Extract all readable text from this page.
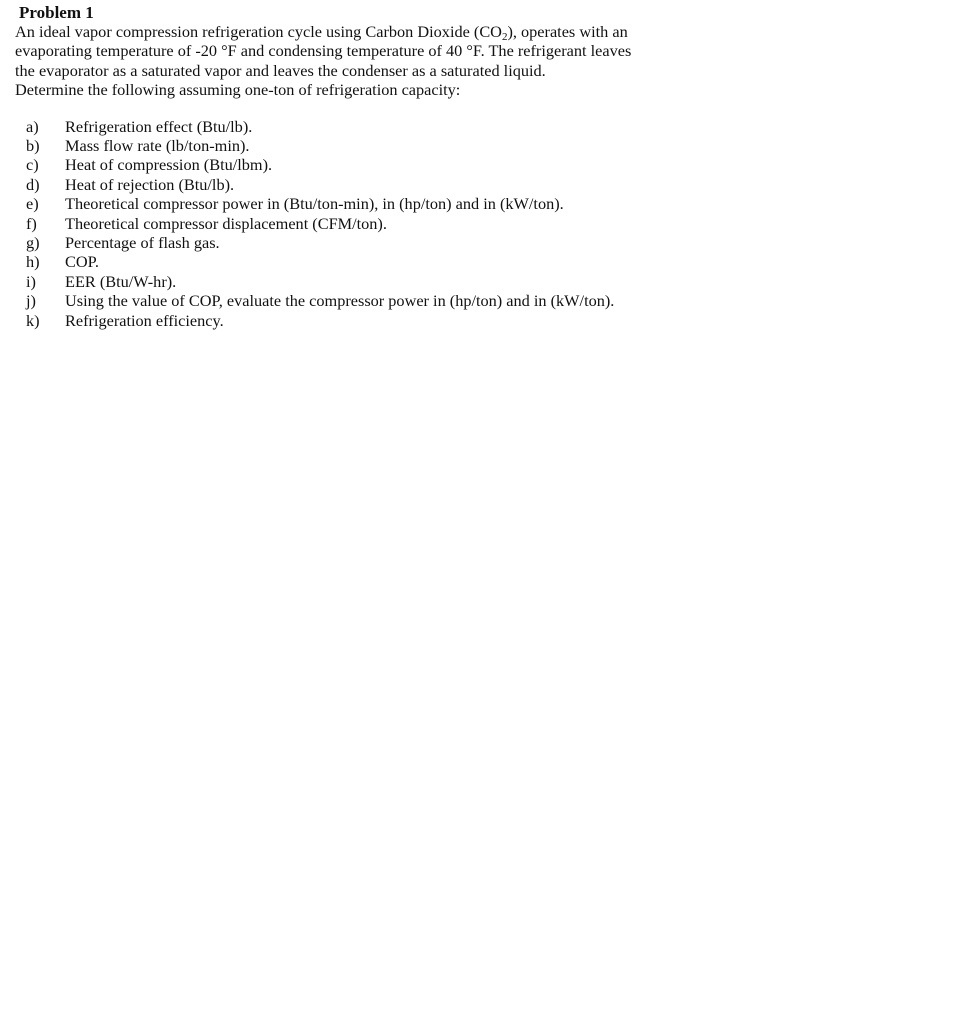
Problem 1

An ideal vapor compression refrigeration cycle using Carbon Dioxide $(CO_2)$, operates with an
evaporating temperature of -20 °F and condensing temperature of 40 °F. The refrigerant leaves
the evaporator as a saturated vapor and leaves the condenser as a saturated liquid.
Determine the following assuming one-ton of refrigeration capacity:

a) Refrigeration effect (Btu/lb).
b) Mass flow rate (lb/ton-min).
c) Heat of compression (Btu/lbm).
d) Heat of rejection (Btu/lb).
e) Theoretical compressor power in (Btu/ton-min), in (hp/ton) and in (kW/ton).
f) Theoretical compressor displacement (CFM/ton).
g) Percentage of flash gas.
h) COP.
i) EER (Btu/W-hr).
j) Using the value of COP, evaluate the compressor power in (hp/ton) and in (kW/ton).
k) Refrigeration efficiency.
